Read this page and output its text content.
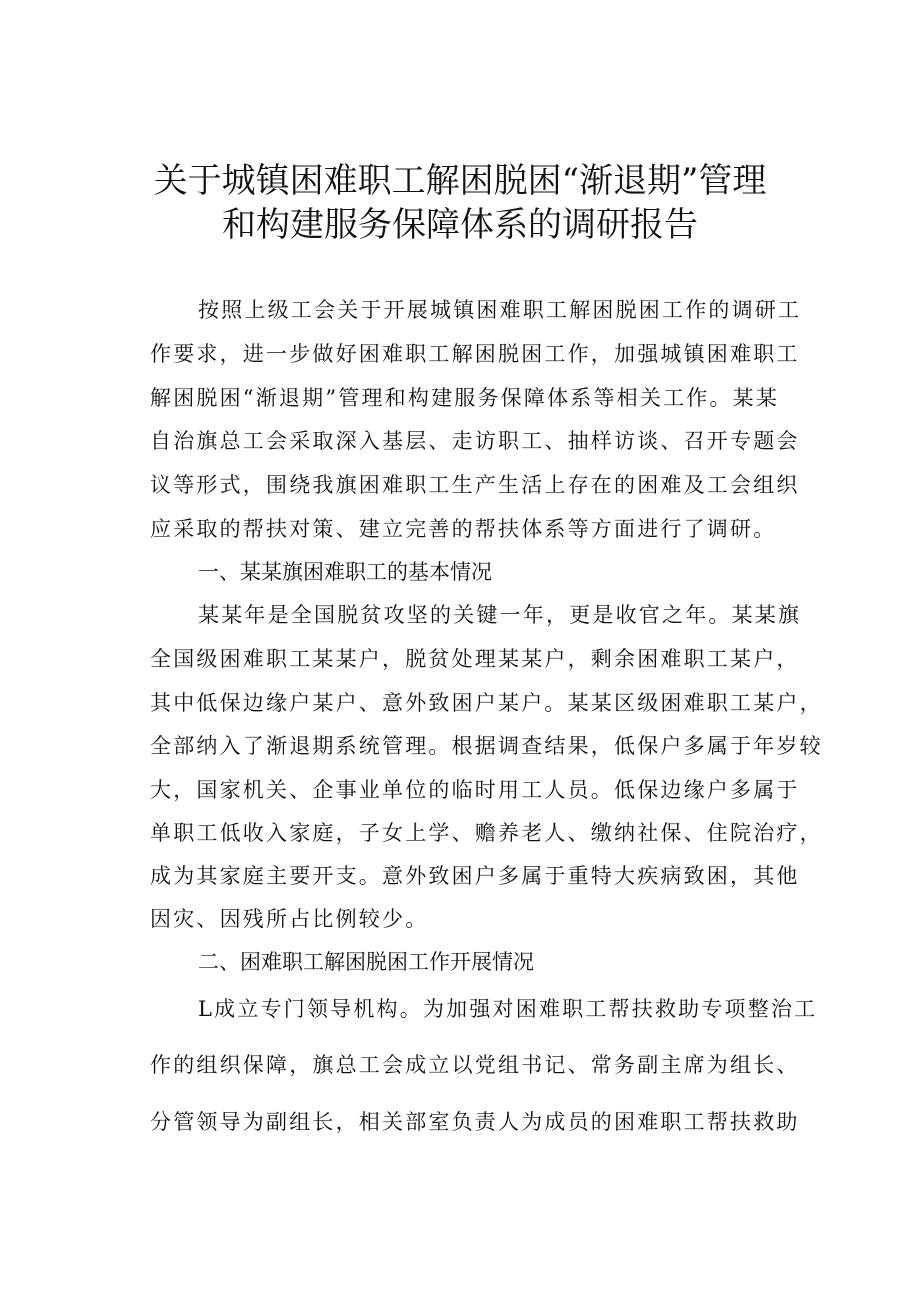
关于城镇困难职工解困脱困“渐退期”管理
和构建服务保障体系的调研报告
按照上级工会关于开展城镇困难职工解困脱困工作的调研工
作要求，进一步做好困难职工解困脱困工作，加强城镇困难职工
解困脱困“渐退期”管理和构建服务保障体系等相关工作。某某
自治旗总工会采取深入基层、走访职工、抽样访谈、召开专题会
议等形式，围绕我旗困难职工生产生活上存在的困难及工会组织
应采取的帮扶对策、建立完善的帮扶体系等方面进行了调研。
一、某某旗困难职工的基本情况
某某年是全国脱贫攻坚的关键一年，更是收官之年。某某旗
全国级困难职工某某户，脱贫处理某某户，剩余困难职工某户，
其中低保边缘户某户、意外致困户某户。某某区级困难职工某户，
全部纳入了渐退期系统管理。根据调查结果，低保户多属于年岁较
大，国家机关、企事业单位的临时用工人员。低保边缘户多属于
单职工低收入家庭，子女上学、赡养老人、缴纳社保、住院治疗，
成为其家庭主要开支。意外致困户多属于重特大疾病致困，其他
因灾、因残所占比例较少。
二、困难职工解困脱困工作开展情况
L成立专门领导机构。为加强对困难职工帮扶救助专项整治工
作的组织保障，旗总工会成立以党组书记、常务副主席为组长、
分管领导为副组长，相关部室负责人为成员的困难职工帮扶救助
